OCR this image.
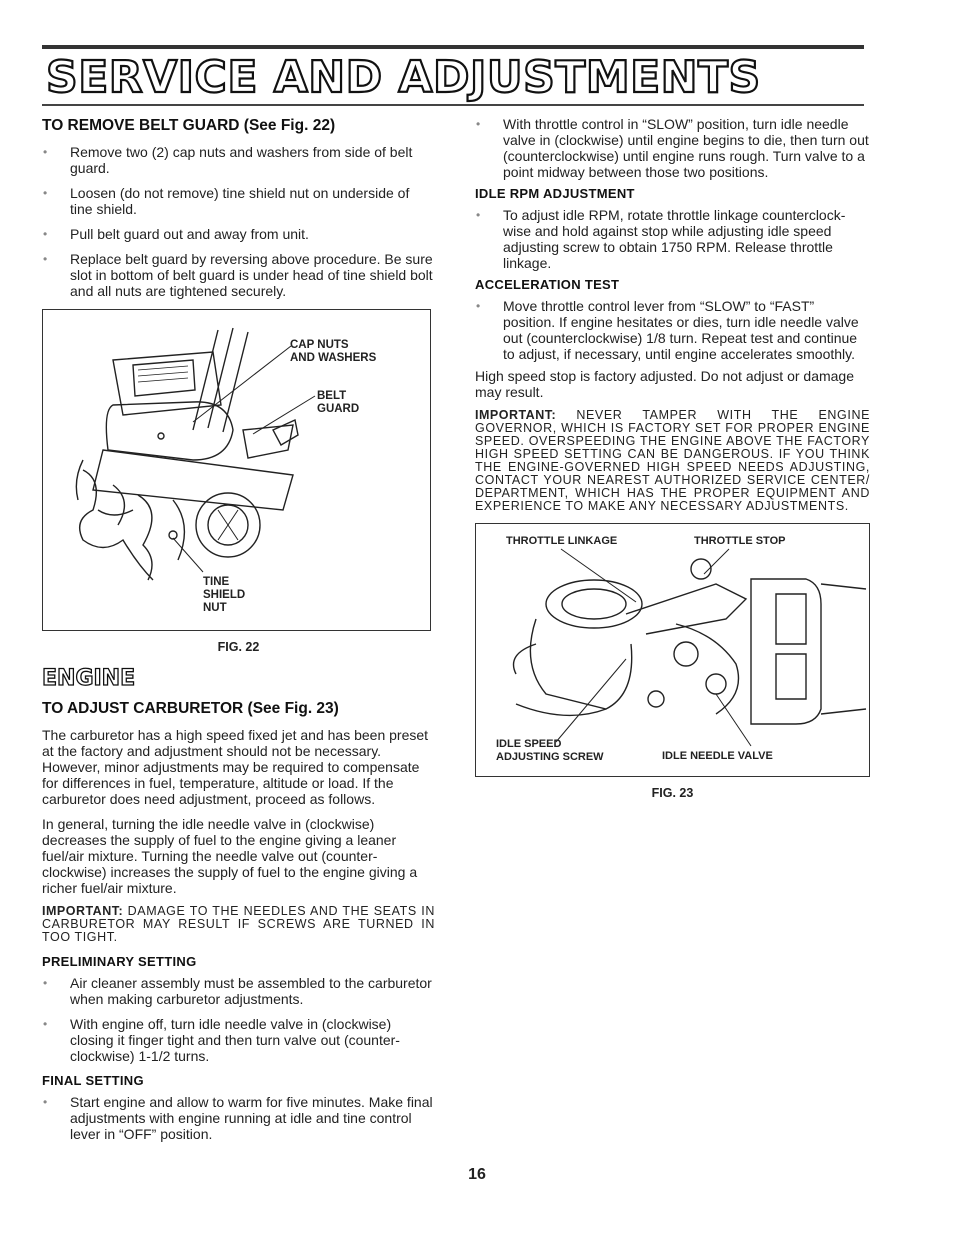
SERVICE AND ADJUSTMENTS
TO REMOVE BELT GUARD (See Fig. 22)
• Remove two (2) cap nuts and washers from side of belt guard.
• Loosen (do not remove) tine shield nut on underside of tine shield.
• Pull belt guard out and away from unit.
• Replace belt guard by reversing above procedure. Be sure slot in bottom of belt guard is under head of tine shield bolt and all nuts are tightened securely.
CAP NUTS
AND WASHERS
BELT
GUARD
TINE
SHIELD
NUT
FIG. 22
ENGINE
TO ADJUST CARBURETOR (See Fig. 23)

The carburetor has a high speed fixed jet and has been preset at the factory and adjustment should not be necessary. However, minor adjustments may be required to compensate for differences in fuel, temperature, altitude or load. If the carburetor does need adjustment, proceed as follows.

In general, turning the idle needle valve in (clockwise) decreases the supply of fuel to the engine giving a leaner fuel/air mixture. Turning the needle valve out (counter-clockwise) increases the supply of fuel to the engine giving a richer fuel/air mixture.

IMPORTANT: DAMAGE TO THE NEEDLES AND THE SEATS IN CARBURETOR MAY RESULT IF SCREWS ARE TURNED IN TOO TIGHT.

PRELIMINARY SETTING
• Air cleaner assembly must be assembled to the carburetor when making carburetor adjustments.
• With engine off, turn idle needle valve in (clockwise) closing it finger tight and then turn valve out (counter-clockwise) 1-1/2 turns.
FINAL SETTING
• Start engine and allow to warm for five minutes. Make final adjustments with engine running at idle and tine control lever in “OFF” position.
• With throttle control in “SLOW” position, turn idle needle valve in (clockwise) until engine begins to die, then turn out (counterclockwise) until engine runs rough. Turn valve to a point midway between those two positions.
IDLE RPM ADJUSTMENT
• To adjust idle RPM, rotate throttle linkage counterclock-wise and hold against stop while adjusting idle speed adjusting screw to obtain 1750 RPM. Release throttle linkage.
ACCELERATION TEST
• Move throttle control lever from “SLOW” to “FAST” position. If engine hesitates or dies, turn idle needle valve out (counterclockwise) 1/8 turn. Repeat test and continue to adjust, if necessary, until engine accelerates smoothly.

High speed stop is factory adjusted. Do not adjust or damage may result.

IMPORTANT: NEVER TAMPER WITH THE ENGINE GOVERNOR, WHICH IS FACTORY SET FOR PROPER ENGINE SPEED. OVERSPEEDING THE ENGINE ABOVE THE FACTORY HIGH SPEED SETTING CAN BE DANGEROUS. IF YOU THINK THE ENGINE-GOVERNED HIGH SPEED NEEDS ADJUSTING, CONTACT YOUR NEAREST AUTHORIZED SERVICE CENTER/ DEPARTMENT, WHICH HAS THE PROPER EQUIPMENT AND EXPERIENCE TO MAKE ANY NECESSARY ADJUSTMENTS.

THROTTLE LINKAGE	THROTTLE STOP
IDLE SPEED
ADJUSTING SCREW	IDLE NEEDLE VALVE
FIG. 23
16
